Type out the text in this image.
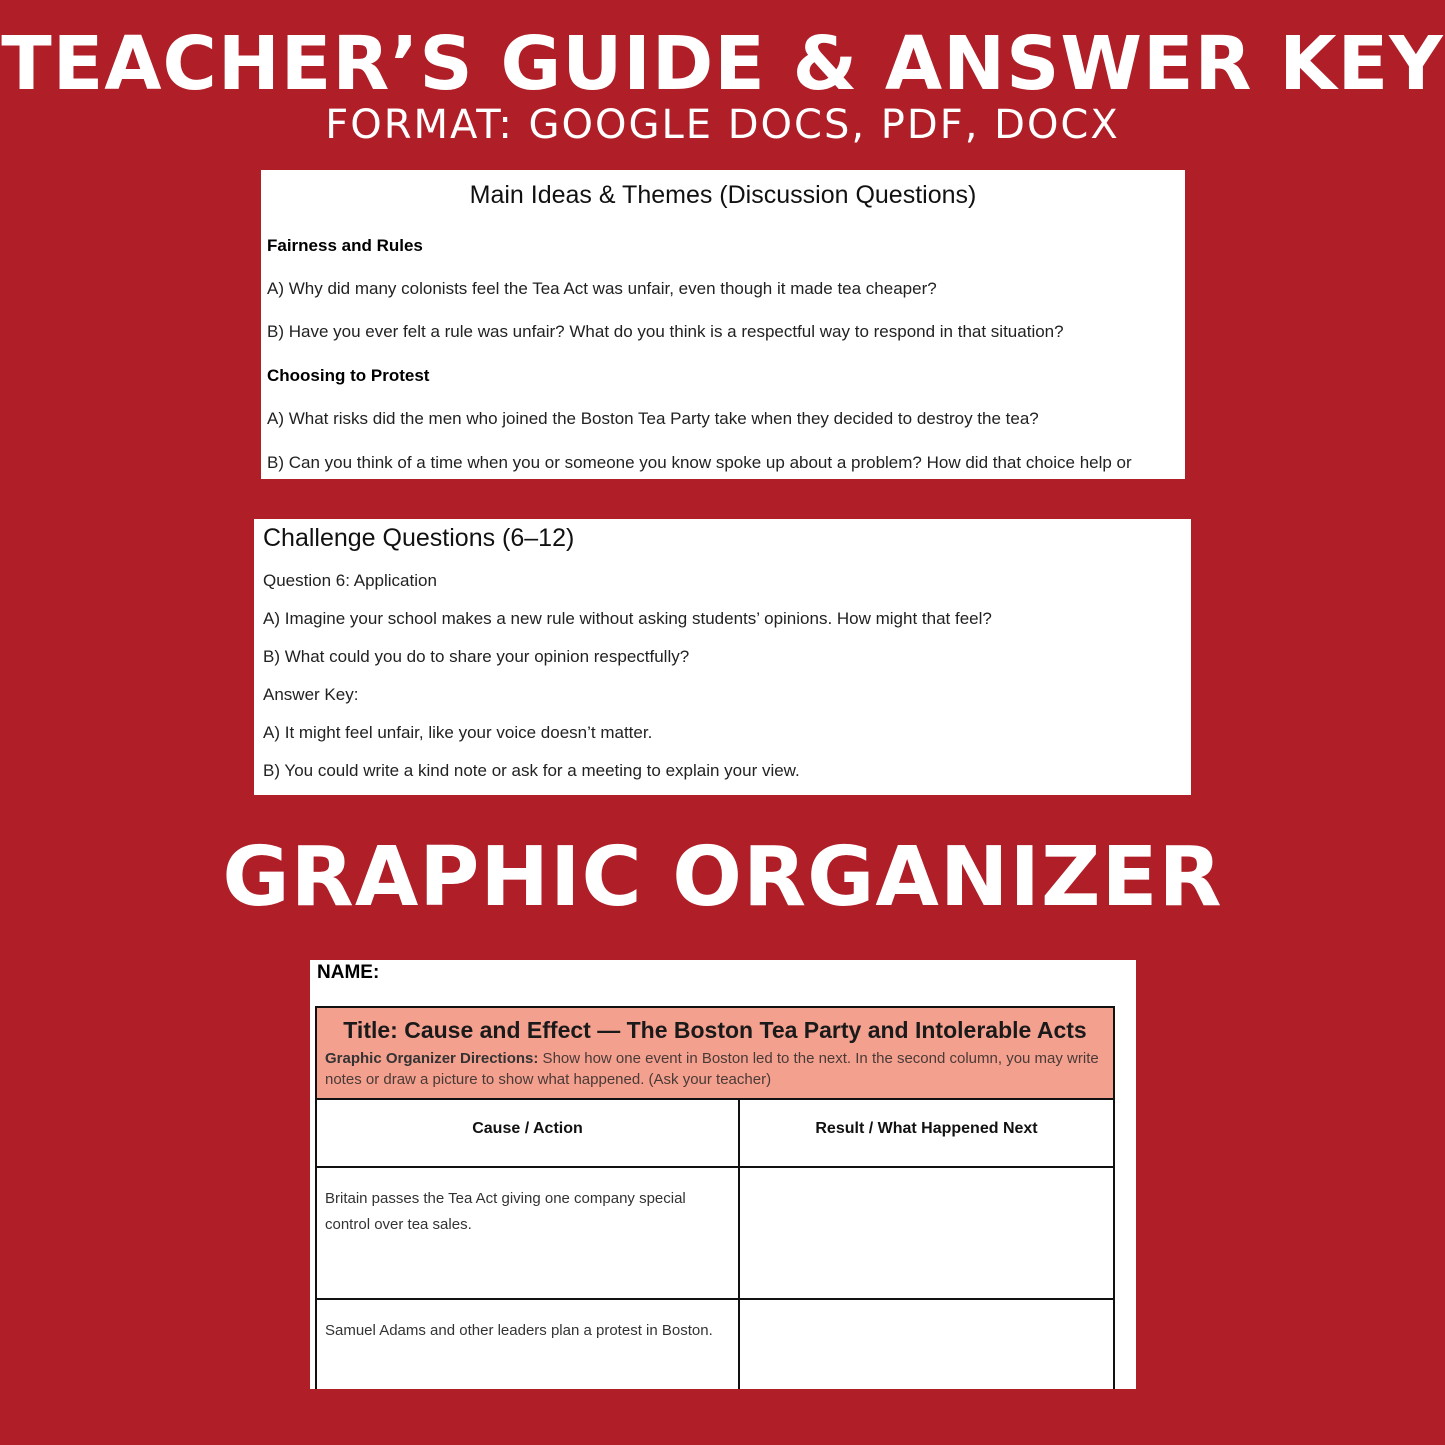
TEACHER’S GUIDE & ANSWER KEY
FORMAT: GOOGLE DOCS, PDF, DOCX
Main Ideas & Themes (Discussion Questions)
Fairness and Rules
A) Why did many colonists feel the Tea Act was unfair, even though it made tea cheaper?
B) Have you ever felt a rule was unfair? What do you think is a respectful way to respond in that situation?
Choosing to Protest
A) What risks did the men who joined the Boston Tea Party take when they decided to destroy the tea?
B) Can you think of a time when you or someone you know spoke up about a problem? How did that choice help or
Challenge Questions (6–12)
Question 6: Application
A) Imagine your school makes a new rule without asking students’ opinions. How might that feel?
B) What could you do to share your opinion respectfully?
Answer Key:
A) It might feel unfair, like your voice doesn’t matter.
B) You could write a kind note or ask for a meeting to explain your view.
GRAPHIC ORGANIZER
NAME:
Title: Cause and Effect — The Boston Tea Party and Intolerable Acts
Graphic Organizer Directions: Show how one event in Boston led to the next. In the second column, you may write notes or draw a picture to show what happened. (Ask your teacher)
Cause / Action	Result / What Happened Next
Britain passes the Tea Act giving one company special control over tea sales.
Samuel Adams and other leaders plan a protest in Boston.
